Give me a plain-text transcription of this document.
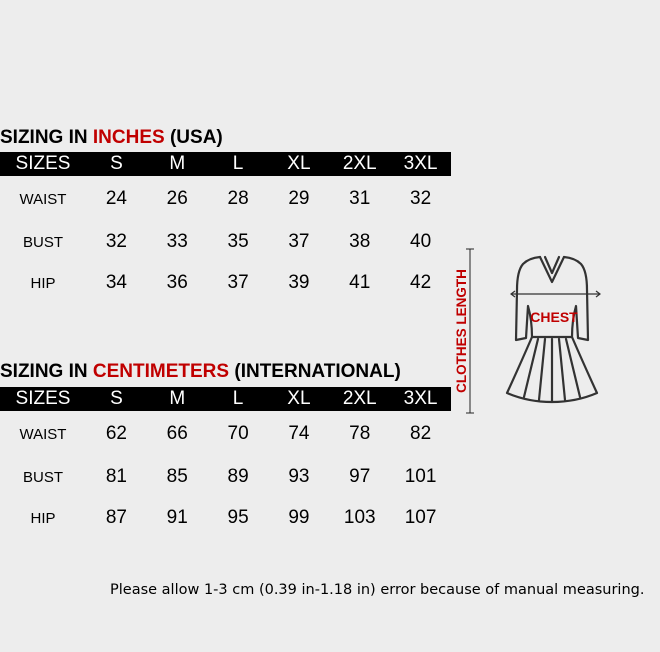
SIZING IN INCHES (USA)
SIZES	S	M	L	XL	2XL	3XL
WAIST	24	26	28	29	31	32
BUST	32	33	35	37	38	40
HIP	34	36	37	39	41	42
SIZING IN CENTIMETERS (INTERNATIONAL)
SIZES	S	M	L	XL	2XL	3XL
WAIST	62	66	70	74	78	82
BUST	81	85	89	93	97	101
HIP	87	91	95	99	103	107
CLOTHES LENGTH	CHEST
Please allow 1-3 cm (0.39 in-1.18 in) error because of manual measuring.
